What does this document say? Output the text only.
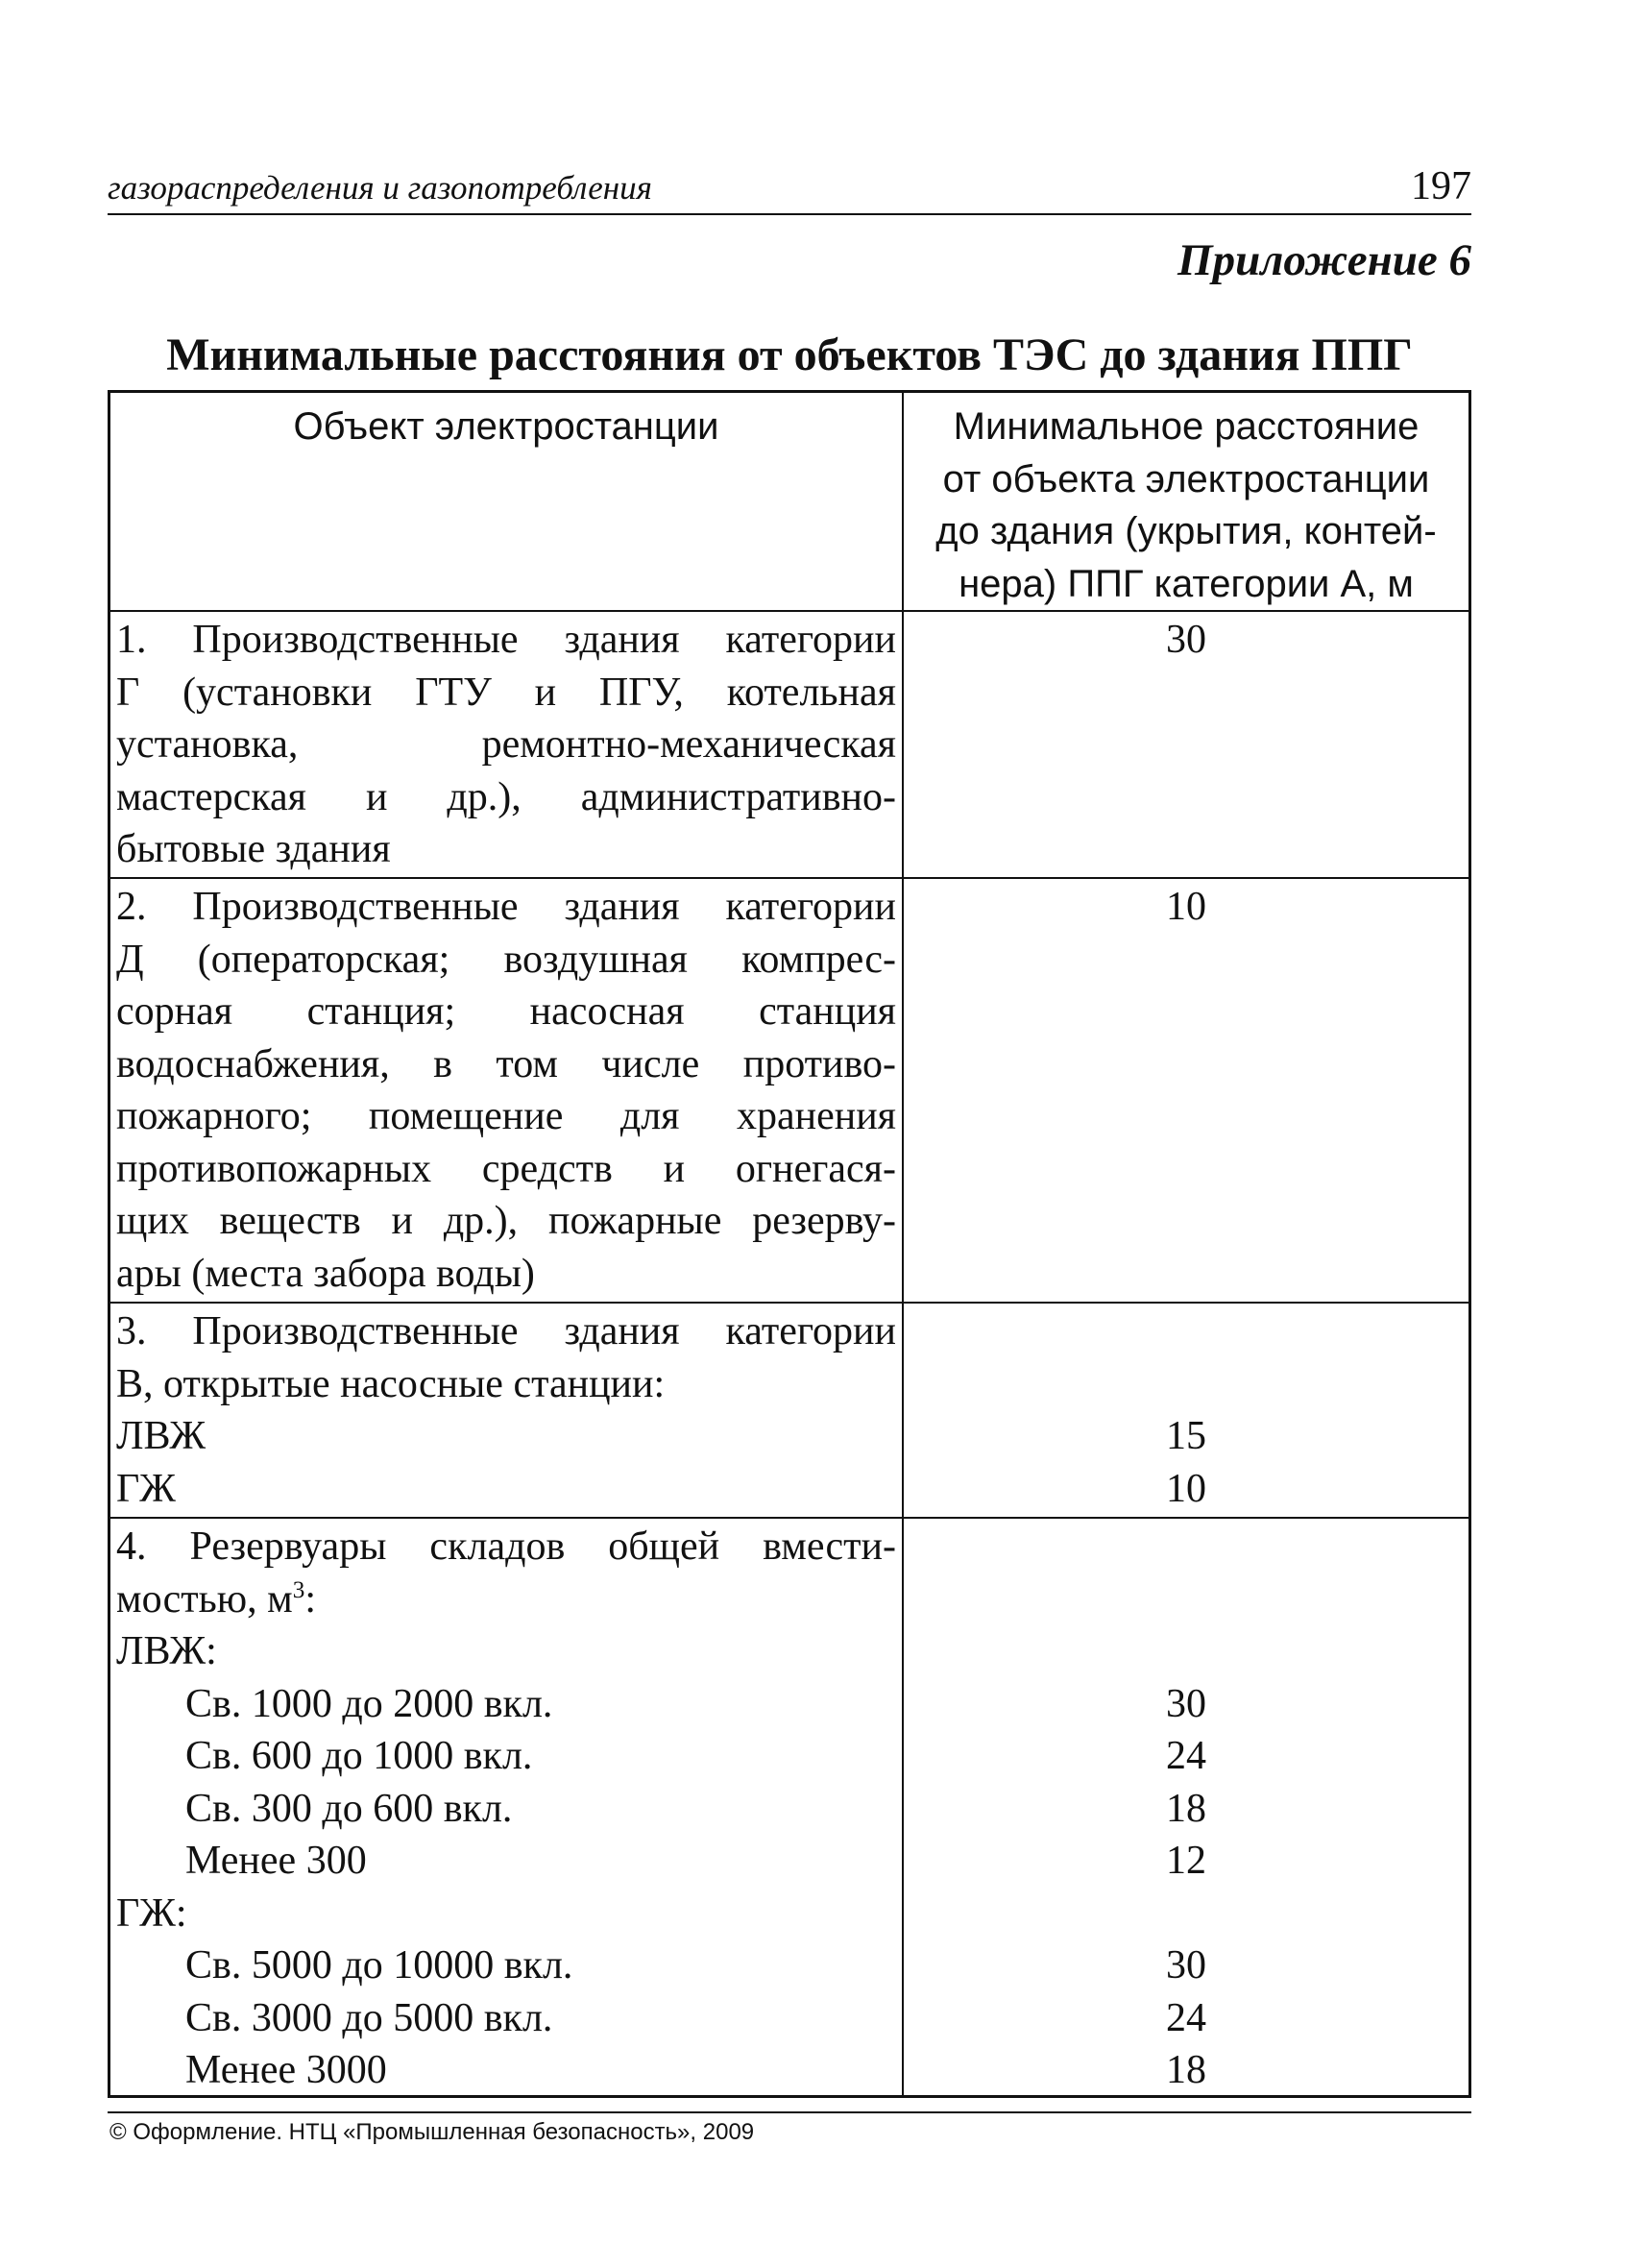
газораспределения и газопотребления	197
Приложение 6
Минимальные расстояния от объектов ТЭС до здания ППГ
Объект электростанции	Минимальное расстояние
от объекта электростанции
до здания (укрытия, контей-
нера) ППГ категории А, м
1. Производственные здания категории
Г (установки ГТУ и ПГУ, котельная
установка, ремонтно-механическая
мастерская и др.), административно-
бытовые здания
30
2. Производственные здания категории
Д (операторская; воздушная компрес-
сорная станция; насосная станция
водоснабжения, в том числе противо-
пожарного; помещение для хранения
противопожарных средств и огнегася-
щих веществ и др.), пожарные резерву-
ары (места забора воды)
10
3. Производственные здания категории
В, открытые насосные станции:
ЛВЖ
ГЖ

15
10
4. Резервуары складов общей вмести-
мостью, $м^3$:
ЛВЖ:
Св. 1000 до 2000 вкл.
Св. 600 до 1000 вкл.
Св. 300 до 600 вкл.
Менее 300
ГЖ:
Св. 5000 до 10000 вкл.
Св. 3000 до 5000 вкл.
Менее 3000

30
24
18
12

30
24
18
© Оформление. НТЦ «Промышленная безопасность», 2009
